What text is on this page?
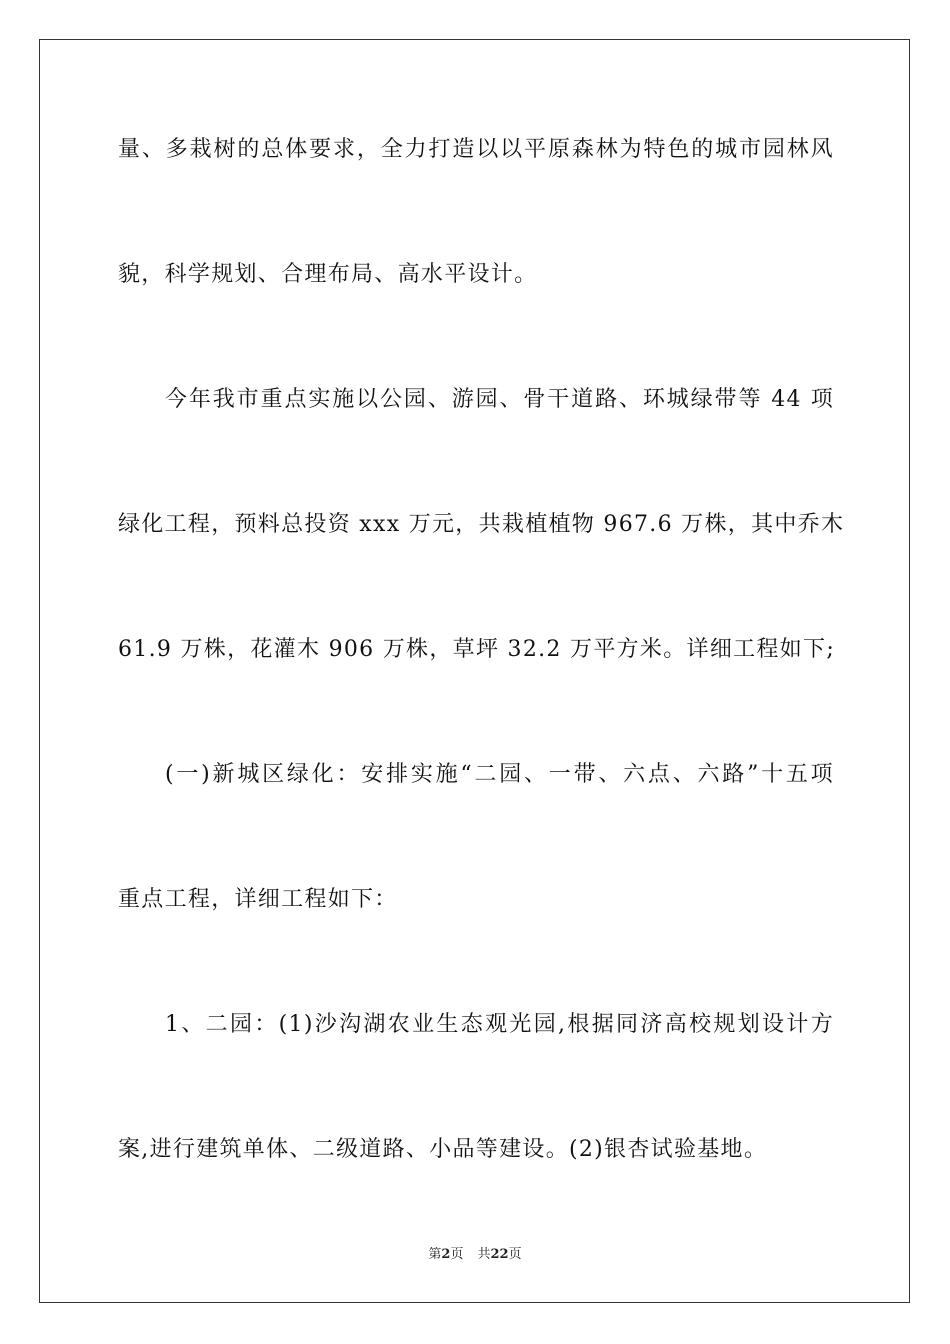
量、多栽树的总体要求，全力打造以以平原森林为特色的城市园林风
貌，科学规划、合理布局、高水平设计。
今年我市重点实施以公园、游园、骨干道路、环城绿带等 44 项
绿化工程，预料总投资 xxx 万元，共栽植植物 967.6 万株，其中乔木
61.9 万株，花灌木 906 万株，草坪 32.2 万平方米。详细工程如下;
(一)新城区绿化：安排实施“二园、一带、六点、六路”十五项
重点工程，详细工程如下：
1、二园：(1)沙沟湖农业生态观光园,根据同济高校规划设计方
案,进行建筑单体、二级道路、小品等建设。(2)银杏试验基地。
第2页 共22页
